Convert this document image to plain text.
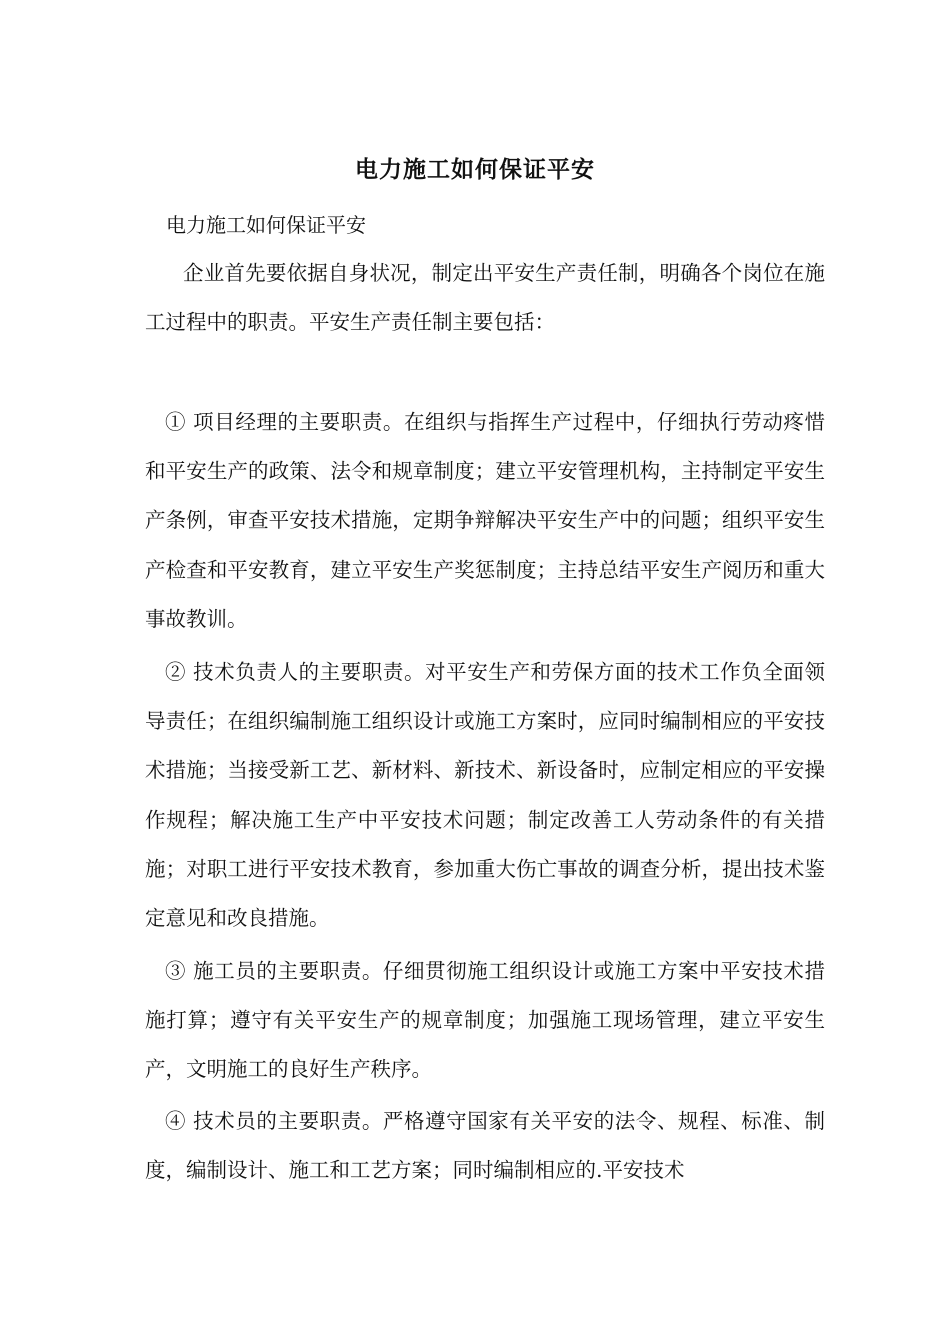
电力施工如何保证平安
电力施工如何保证平安

企业首先要依据自身状况，制定出平安生产责任制，明确各个岗位在施工过程中的职责。平安生产责任制主要包括：

① 项目经理的主要职责。在组织与指挥生产过程中，仔细执行劳动疼惜和平安生产的政策、法令和规章制度；建立平安管理机构，主持制定平安生产条例，审查平安技术措施，定期争辩解决平安生产中的问题；组织平安生产检查和平安教育，建立平安生产奖惩制度；主持总结平安生产阅历和重大事故教训。

② 技术负责人的主要职责。对平安生产和劳保方面的技术工作负全面领导责任；在组织编制施工组织设计或施工方案时，应同时编制相应的平安技术措施；当接受新工艺、新材料、新技术、新设备时，应制定相应的平安操作规程；解决施工生产中平安技术问题；制定改善工人劳动条件的有关措施；对职工进行平安技术教育，参加重大伤亡事故的调查分析，提出技术鉴定意见和改良措施。

③ 施工员的主要职责。仔细贯彻施工组织设计或施工方案中平安技术措施打算；遵守有关平安生产的规章制度；加强施工现场管理，建立平安生产，文明施工的良好生产秩序。

④ 技术员的主要职责。严格遵守国家有关平安的法令、规程、标准、制度，编制设计、施工和工艺方案；同时编制相应的.平安技术
